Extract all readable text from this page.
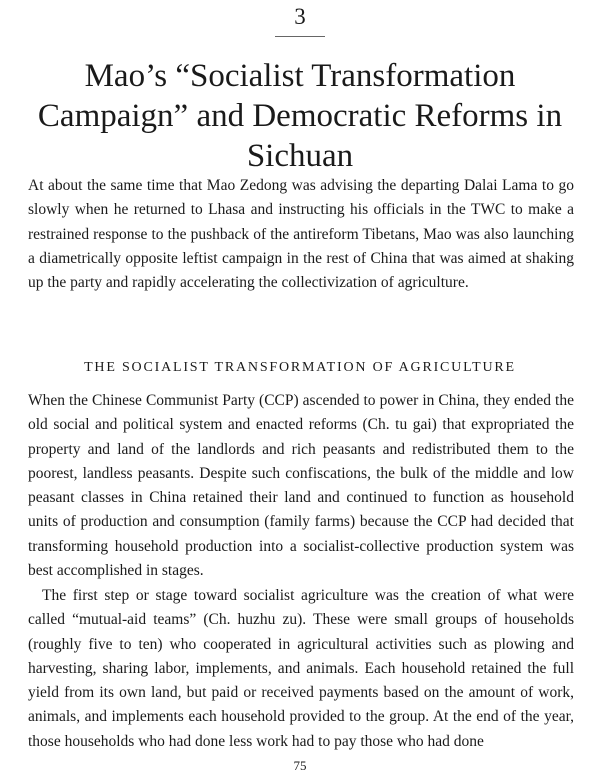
3
Mao’s “Socialist Transformation Campaign” and Democratic Reforms in Sichuan

At about the same time that Mao Zedong was advising the departing Dalai Lama to go slowly when he returned to Lhasa and instructing his officials in the TWC to make a restrained response to the pushback of the antireform Tibetans, Mao was also launching a diametrically opposite leftist campaign in the rest of China that was aimed at shaking up the party and rapidly accelerating the collectivization of agriculture.

THE SOCIALIST TRANSFORMATION OF AGRICULTURE

When the Chinese Communist Party (CCP) ascended to power in China, they ended the old social and political system and enacted reforms (Ch. tu gai) that expropriated the property and land of the landlords and rich peasants and redistributed them to the poorest, landless peasants. Despite such confiscations, the bulk of the middle and low peasant classes in China retained their land and continued to function as household units of production and consumption (family farms) because the CCP had decided that transforming household production into a socialist-collective production system was best accomplished in stages.

The first step or stage toward socialist agriculture was the creation of what were called “mutual-aid teams” (Ch. huzhu zu). These were small groups of households (roughly five to ten) who cooperated in agricultural activities such as plowing and harvesting, sharing labor, implements, and animals. Each household retained the full yield from its own land, but paid or received payments based on the amount of work, animals, and implements each household provided to the group. At the end of the year, those households who had done less work had to pay those who had done

75
